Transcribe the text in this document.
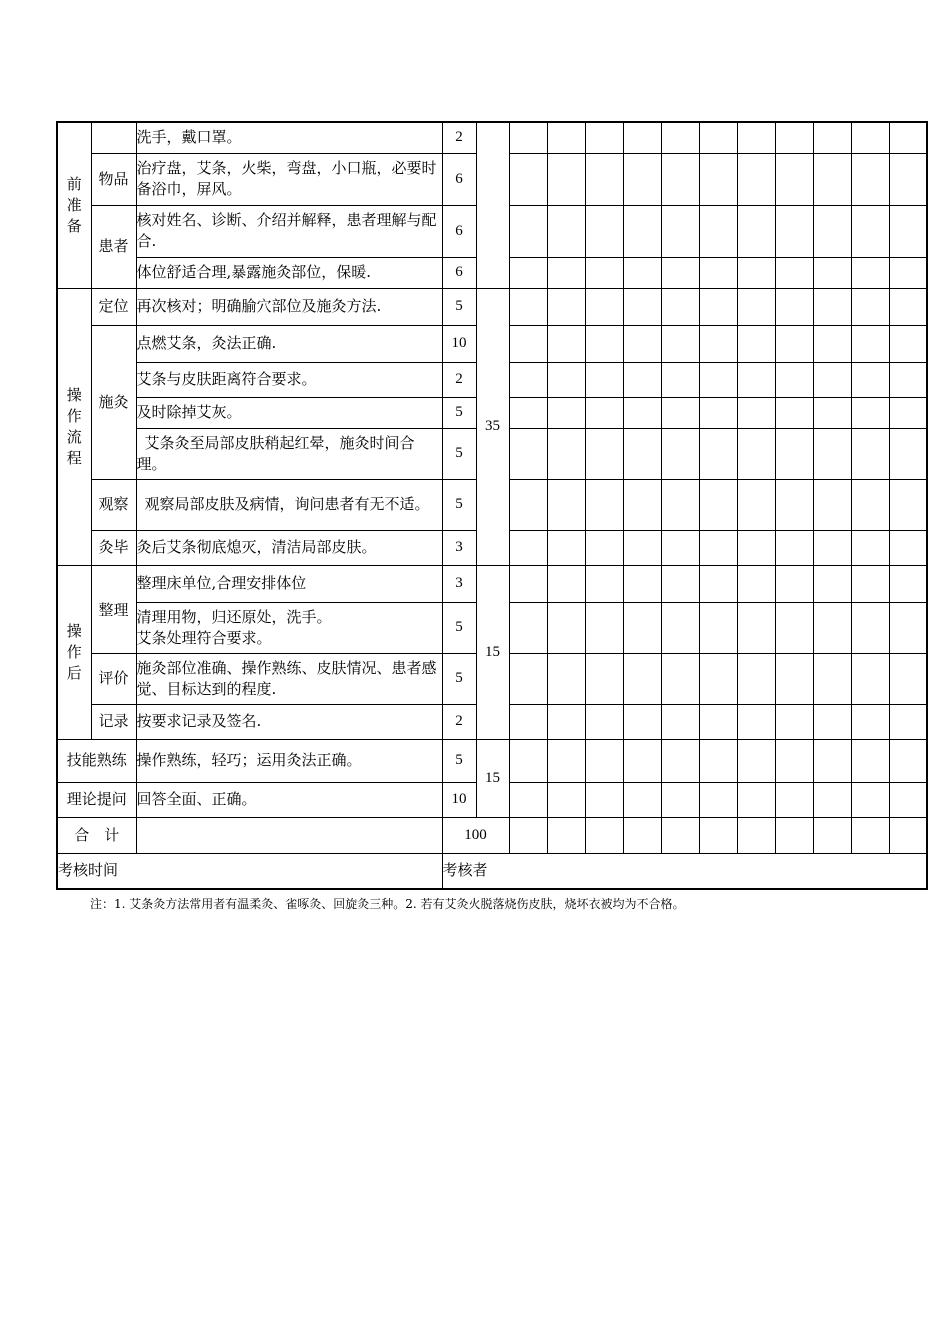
前准备		洗手，戴口罩。	2												
	物品	治疗盘，艾条，火柴，弯盘，小口瓶，必要时备浴巾，屏风。	6												
	患者	核对姓名、诊断、介绍并解释，患者理解与配合.	6												
		体位舒适合理,暴露施灸部位，保暖.	6												
操作流程	定位	再次核对；明确腧穴部位及施灸方法.	5	35											
	施灸	点燃艾条，灸法正确.	10												
		艾条与皮肤距离符合要求。	2												
		及时除掉艾灰。	5												
		艾条灸至局部皮肤稍起红晕，施灸时间合理。	5												
	观察	观察局部皮肤及病情，询问患者有无不适。	5												
	灸毕	灸后艾条彻底熄灭，清洁局部皮肤。	3												
操作后	整理	整理床单位,合理安排体位	3	15											

		清理用物，归还原处，洗手。
艾条处理符合要求。	5												
	评价	施灸部位准确、操作熟练、皮肤情况、患者感觉、目标达到的程度.	5												
	记录	按要求记录及签名.	2												
技能熟练		操作熟练，轻巧；运用灸法正确。	5	15											
理论提问		回答全面、正确。	10												
合　计			100												
考核时间			考核者												
注：1. 艾条灸方法常用者有温柔灸、雀啄灸、回旋灸三种。2. 若有艾灸火脱落烧伤皮肤，烧坏衣被均为不合格。
